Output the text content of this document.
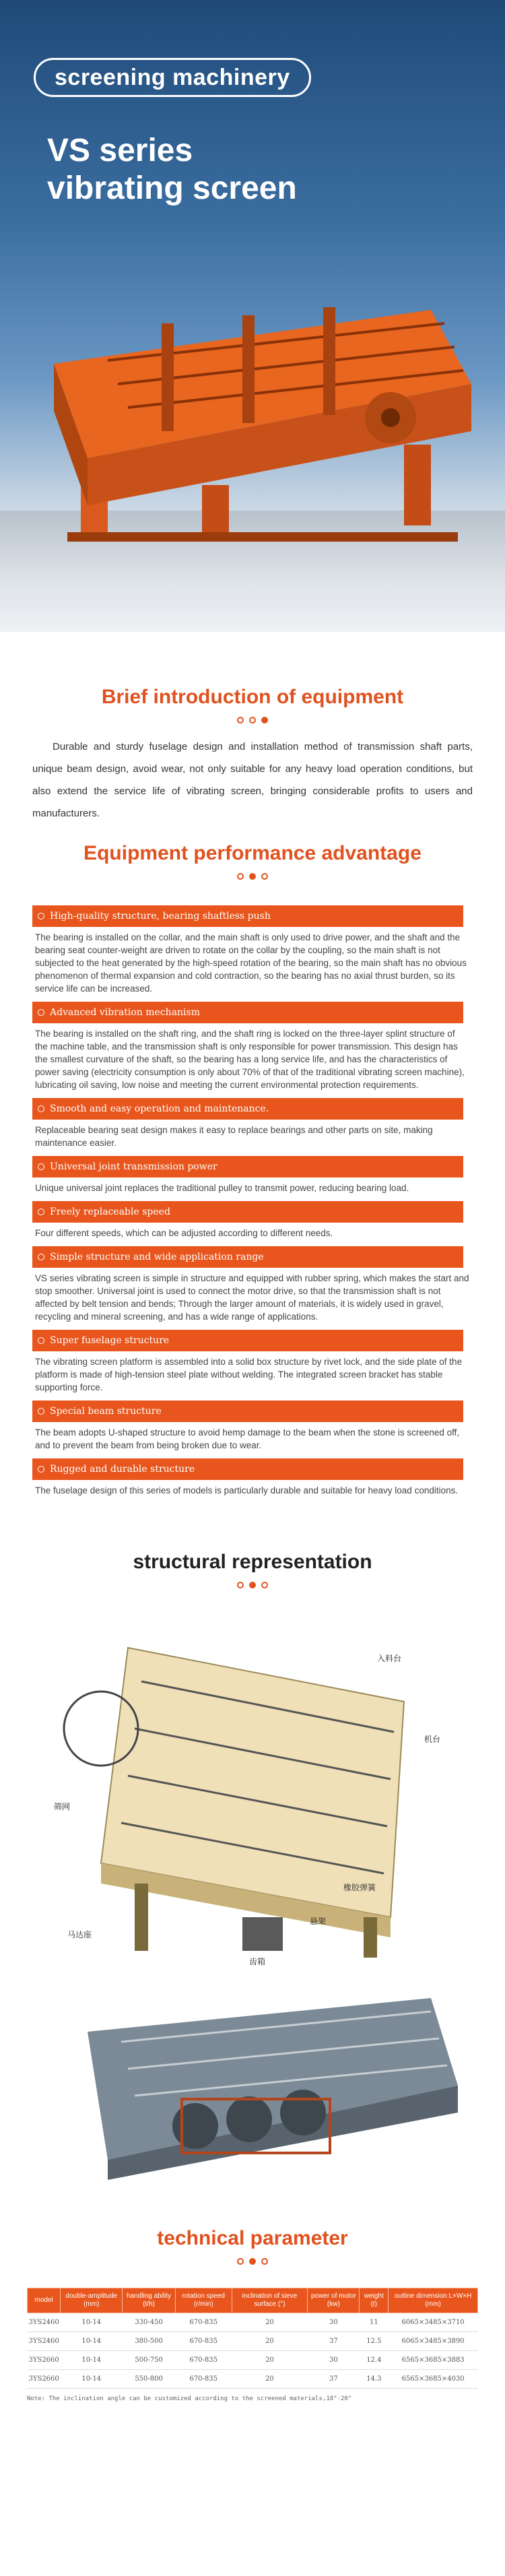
screening machinery
VS series
vibrating screen
Brief introduction of equipment

Durable and sturdy fuselage design and installation method of transmission shaft parts, unique beam design, avoid wear, not only suitable for any heavy load operation conditions, but also extend the service life of vibrating screen, bringing considerable profits to users and manufacturers.

Equipment performance advantage
High-quality structure, bearing shaftless push

The bearing is installed on the collar, and the main shaft is only used to drive power, and the shaft and the bearing seat counter-weight are driven to rotate on the collar by the coupling, so the main shaft is not subjected to the heat generated by the high-speed rotation of the bearing, so the main shaft has no obvious phenomenon of thermal expansion and cold contraction, so the bearing has no axial thrust burden, so its service life can be increased.

Advanced vibration mechanism

The bearing is installed on the shaft ring, and the shaft ring is locked on the three-layer splint structure of the machine table, and the transmission shaft is only responsible for power transmission. This design has the smallest curvature of the shaft, so the bearing has a long service life, and has the characteristics of power saving (electricity consumption is only about 70% of that of the traditional vibrating screen machine), lubricating oil saving, low noise and meeting the current environmental protection requirements.

Smooth and easy operation and maintenance.

Replaceable bearing seat design makes it easy to replace bearings and other parts on site, making maintenance easier.

Universal joint transmission power

Unique universal joint replaces the traditional pulley to transmit power, reducing bearing load.

Freely replaceable speed

Four different speeds, which can be adjusted according to different needs.

Simple structure and wide application range

VS series vibrating screen is simple in structure and equipped with rubber spring, which makes the start and stop smoother. Universal joint is used to connect the motor drive, so that the transmission shaft is not affected by belt tension and bends; Through the larger amount of materials, it is widely used in gravel, recycling and mineral screening, and has a wide range of applications.

Super fuselage structure

The vibrating screen platform is assembled into a solid box structure by rivet lock, and the side plate of the platform is made of high-tension steel plate without welding. The integrated screen bracket has stable supporting force.

Special beam structure

The beam adopts U-shaped structure to avoid hemp damage to the beam when the stone is screened off, and to prevent the beam from being broken due to wear.

Rugged and durable structure

The fuselage design of this series of models is particularly durable and suitable for heavy load conditions.

structural representation
入料台
机台
筛网
橡胶弹簧
马达座
悬架
齿箱
technical parameter
model	double-amplitude (mm)	handling ability (t/h)	rotation speed (r/min)	inclination of sieve surface (°)	power of motor (kw)	weight (t)	outline dimension L×W×H (mm)
3YS2460	10-14	330-450	670-835	20	30	11	6065×3485×3710
3YS2460	10-14	380-500	670-835	20	37	12.5	6065×3485×3890
3YS2660	10-14	500-750	670-835	20	30	12.4	6565×3685×3883
3YS2660	10-14	550-800	670-835	20	37	14.3	6565×3685×4030
Note: The inclination angle can be customized according to the screened materials,18°-20°
